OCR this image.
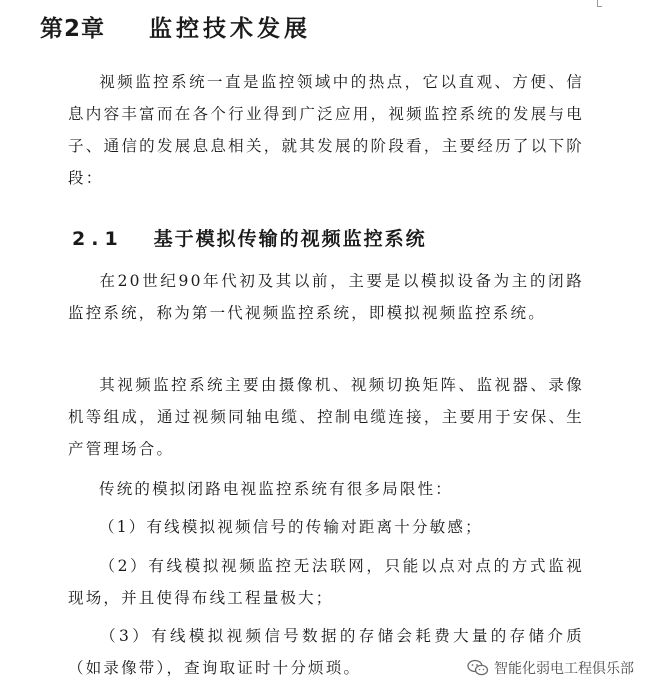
第2章 监控技术发展

视频监控系统一直是监控领域中的热点，它以直观、方便、信息内容丰富而在各个行业得到广泛应用，视频监控系统的发展与电子、通信的发展息息相关，就其发展的阶段看，主要经历了以下阶段：

2.1 基于模拟传输的视频监控系统

在20世纪90年代初及其以前，主要是以模拟设备为主的闭路监控系统，称为第一代视频监控系统，即模拟视频监控系统。

其视频监控系统主要由摄像机、视频切换矩阵、监视器、录像机等组成，通过视频同轴电缆、控制电缆连接，主要用于安保、生产管理场合。

传统的模拟闭路电视监控系统有很多局限性：

（1）有线模拟视频信号的传输对距离十分敏感；

（2）有线模拟视频监控无法联网，只能以点对点的方式监视现场，并且使得布线工程量极大；

（3）有线模拟视频信号数据的存储会耗费大量的存储介质（如录像带），查询取证时十分烦琐。	智能化弱电工程俱乐部
